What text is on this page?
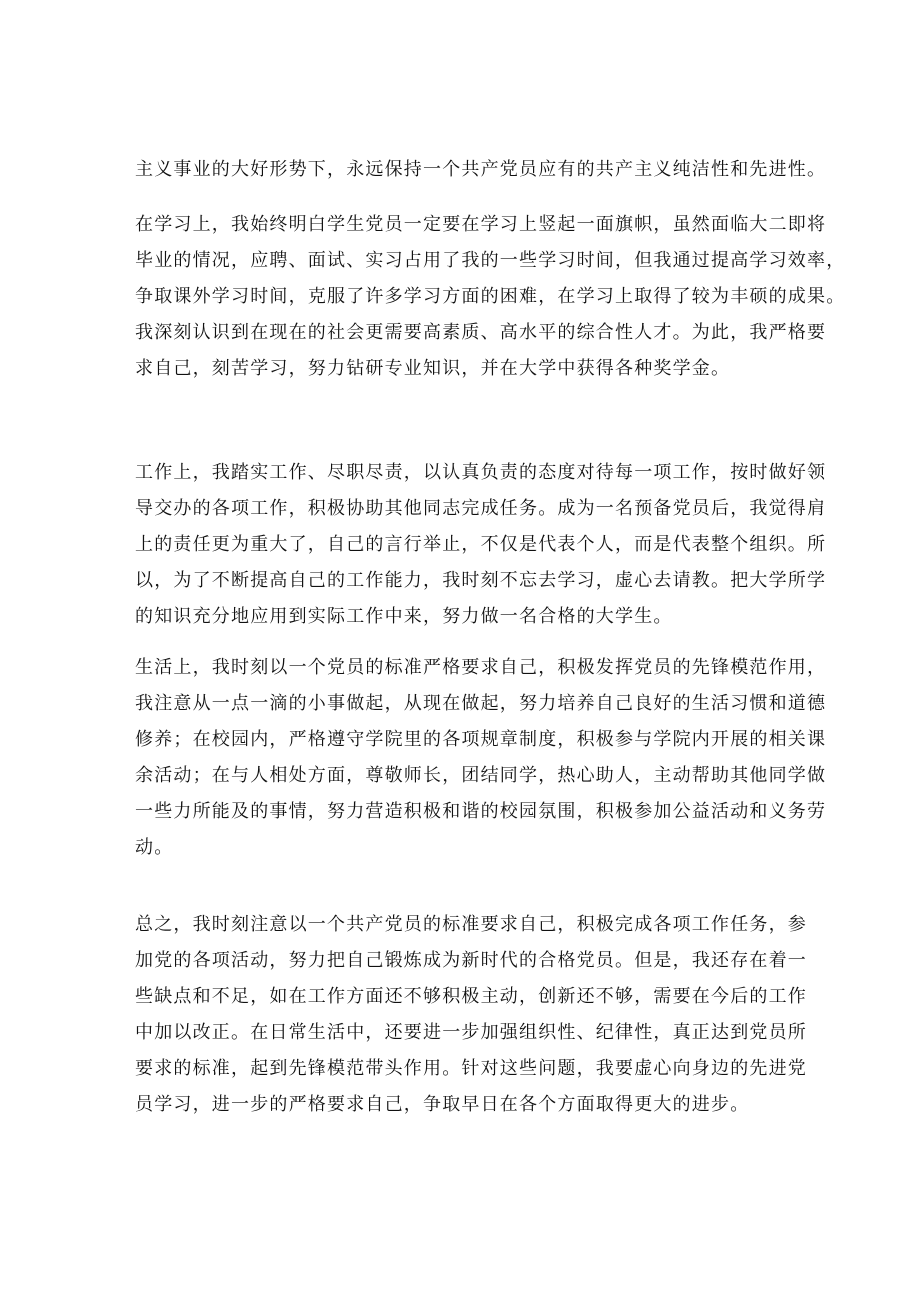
主义事业的大好形势下，永远保持一个共产党员应有的共产主义纯洁性和先进性。
在学习上，我始终明白学生党员一定要在学习上竖起一面旗帜，虽然面临大二即将
毕业的情况，应聘、面试、实习占用了我的一些学习时间，但我通过提高学习效率，
争取课外学习时间，克服了许多学习方面的困难，在学习上取得了较为丰硕的成果。
我深刻认识到在现在的社会更需要高素质、高水平的综合性人才。为此，我严格要
求自己，刻苦学习，努力钻研专业知识，并在大学中获得各种奖学金。
工作上，我踏实工作、尽职尽责，以认真负责的态度对待每一项工作，按时做好领
导交办的各项工作，积极协助其他同志完成任务。成为一名预备党员后，我觉得肩
上的责任更为重大了，自己的言行举止，不仅是代表个人，而是代表整个组织。所
以，为了不断提高自己的工作能力，我时刻不忘去学习，虚心去请教。把大学所学
的知识充分地应用到实际工作中来，努力做一名合格的大学生。
生活上，我时刻以一个党员的标准严格要求自己，积极发挥党员的先锋模范作用，
我注意从一点一滴的小事做起，从现在做起，努力培养自己良好的生活习惯和道德
修养；在校园内，严格遵守学院里的各项规章制度，积极参与学院内开展的相关课
余活动；在与人相处方面，尊敬师长，团结同学，热心助人，主动帮助其他同学做
一些力所能及的事情，努力营造积极和谐的校园氛围，积极参加公益活动和义务劳
动。
总之，我时刻注意以一个共产党员的标准要求自己，积极完成各项工作任务，参
加党的各项活动，努力把自己锻炼成为新时代的合格党员。但是，我还存在着一
些缺点和不足，如在工作方面还不够积极主动，创新还不够，需要在今后的工作
中加以改正。在日常生活中，还要进一步加强组织性、纪律性，真正达到党员所
要求的标准，起到先锋模范带头作用。针对这些问题，我要虚心向身边的先进党
员学习，进一步的严格要求自己，争取早日在各个方面取得更大的进步。
